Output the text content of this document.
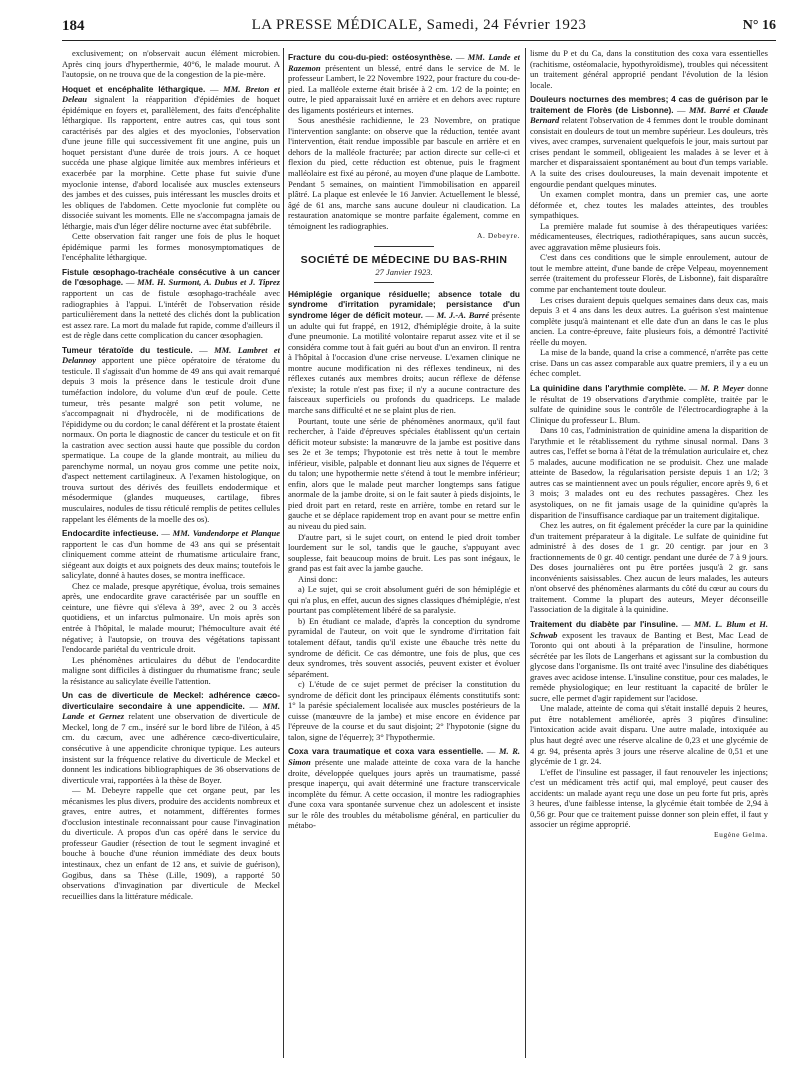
184	LA PRESSE MÉDICALE, Samedi, 24 Février 1923	N° 16

exclusivement; on n'observait aucun élément microbien. Après cinq jours d'hyperthermie, 40°6, le malade mourut. A l'autopsie, on ne trouva que de la congestion de la pie-mère.

Hoquet et encéphalite léthargique. — MM. Breton et Deleau signalent la réapparition d'épidémies de hoquet épidémique en foyers et, parallèlement, des faits d'encéphalite léthargique. Ils rapportent, entre autres cas, qui tous sont caractérisés par des algies et des myoclonies, l'observation d'une jeune fille qui successivement fit une angine, puis un hoquet persistant d'une durée de trois jours. A ce hoquet succéda une phase algique limitée aux membres inférieurs et exacerbée par la morphine. Cette phase fut suivie d'une myoclonie intense, d'abord localisée aux muscles extenseurs des jambes et des cuisses, puis intéressant les muscles droits et les obliques de l'abdomen. Cette myoclonie fut complète ou dissociée suivant les moments. Elle ne s'accompagna jamais de léthargie, mais d'un léger délire nocturne avec état subfébrile.

Cette observation fait ranger une fois de plus le hoquet épidémique parmi les formes monosymptomatiques de l'encéphalite léthargique.

Fistule œsophago-trachéale consécutive à un cancer de l'œsophage. — MM. H. Surmont, A. Dubus et J. Tiprez rapportent un cas de fistule œsophago-trachéale avec radiographies à l'appui. L'intérêt de l'observation réside particulièrement dans la netteté des clichés dont la publication est assez rare. La mort du malade fut rapide, comme d'ailleurs il est de règle dans cette complication du cancer œsophagien.

Tumeur tératoïde du testicule. — MM. Lambret et Delannoy apportent une pièce opératoire de tératome du testicule. Il s'agissait d'un homme de 49 ans qui avait remarqué depuis 3 mois la présence dans le testicule droit d'une tuméfaction indolore, du volume d'un œuf de poule. Cette tumeur, très pesante malgré son petit volume, ne s'accompagnait ni d'hydrocèle, ni de modifications de l'épididyme ou du cordon; le canal déférent et la prostate étaient normaux. On porta le diagnostic de cancer du testicule et on fit la castration avec section aussi haute que possible du cordon spermatique. La coupe de la glande montrait, au milieu du parenchyme normal, un noyau gros comme une petite noix, d'aspect nettement cartilagineux. A l'examen histologique, on trouva surtout des dérivés des feuillets endodermique et mésodermique (glandes muqueuses, cartilage, fibres musculaires, nodules de tissu réticulé remplis de petites cellules rappelant les éléments de la moelle des os).

Endocardite infectieuse. — MM. Vandendorpe et Planque rapportent le cas d'un homme de 43 ans qui se présentait cliniquement comme atteint de rhumatisme articulaire franc, siégeant aux doigts et aux poignets des deux mains; toutefois le salicylate, donné à hautes doses, se montra inefficace.

Chez ce malade, presque apyrétique, évolua, trois semaines après, une endocardite grave caractérisée par un souffle en ceinture, une fièvre qui s'éleva à 39°, avec 2 ou 3 accès quotidiens, et un infarctus pulmonaire. Un mois après son entrée à l'hôpital, le malade mourut; l'hémoculture avait été négative; à l'autopsie, on trouva des végétations tapissant l'endocarde pariétal du ventricule droit.

Les phénomènes articulaires du début de l'endocardite maligne sont difficiles à distinguer du rhumatisme franc; seule la résistance au salicylate éveille l'attention.

Un cas de diverticule de Meckel: adhérence cæco-diverticulaire secondaire à une appendicite. — MM. Lande et Gernez relatent une observation de diverticule de Meckel, long de 7 cm., inséré sur le bord libre de l'iléon, à 45 cm. du cæcum, avec une adhérence cæco-diverticulaire, consécutive à une appendicite chronique typique. Les auteurs insistent sur la fréquence relative du diverticule de Meckel et donnent les indications bibliographiques de 36 observations de diverticule vrai, rapportées à la thèse de Boyer.

— M. Debeyre rappelle que cet organe peut, par les mécanismes les plus divers, produire des accidents nombreux et graves, entre autres, et notamment, différentes formes d'occlusion intestinale reconnaissant pour cause l'invagination du diverticule. A propos d'un cas opéré dans le service du professeur Gaudier (résection de tout le segment invaginé et bouche à bouche d'une réunion immédiate des deux bouts intestinaux, chez un enfant de 12 ans, et suivie de guérison), Gogibus, dans sa Thèse (Lille, 1909), a rapporté 50 observations d'invagination par diverticule de Meckel recueillies dans la littérature médicale.

Fracture du cou-du-pied: ostéosynthèse. — MM. Lande et Razemon présentent un blessé, entré dans le service de M. le professeur Lambert, le 22 Novembre 1922, pour fracture du cou-de-pied. La malléole externe était brisée à 2 cm. 1/2 de la pointe; en outre, le pied apparaissait luxé en arrière et en dehors avec rupture des ligaments postérieurs et internes.

Sous anesthésie rachidienne, le 23 Novembre, on pratique l'intervention sanglante: on observe que la réduction, tentée avant l'intervention, était rendue impossible par bascule en arrière et en dehors de la malléole fracturée; par action directe sur celle-ci et flexion du pied, cette réduction est obtenue, puis le fragment malléolaire est fixé au péroné, au moyen d'une plaque de Lambotte. Pendant 5 semaines, on maintient l'immobilisation en appareil plâtré. La plaque est enlevée le 16 Janvier. Actuellement le blessé, âgé de 61 ans, marche sans aucune douleur ni claudication. La restauration anatomique se montre parfaite également, comme en témoignent les radiographies.

A. Debeyre.

SOCIÉTÉ DE MÉDECINE DU BAS-RHIN
27 Janvier 1923.

Hémiplégie organique résiduelle; absence totale du syndrome d'irritation pyramidale; persistance d'un syndrome léger de déficit moteur. — M. J.-A. Barré présente un adulte qui fut frappé, en 1912, d'hémiplégie droite, à la suite d'une pneumonie. La motilité volontaire reparut assez vite et il se considéra comme tout à fait guéri au bout d'un an environ. Il rentra à l'hôpital à l'occasion d'une crise nerveuse. L'examen clinique ne montre aucune modification ni des réflexes tendineux, ni des réflexes cutanés aux membres droits; aucun réflexe de défense n'existe; la rotule n'est pas fixe; il n'y a aucune contracture des faisceaux superficiels ou profonds du quadriceps. Le malade marche sans difficulté et ne se plaint plus de rien.

Pourtant, toute une série de phénomènes anormaux, qu'il faut rechercher, à l'aide d'épreuves spéciales établissent qu'un certain déficit moteur subsiste: la manœuvre de la jambe est positive dans ses 2e et 3e temps; l'hypotonie est très nette à tout le membre inférieur, visible, palpable et donnant lieu aux signes de l'équerre et du talon; une hypothermie nette s'étend à tout le membre inférieur; enfin, alors que le malade peut marcher longtemps sans fatigue anormale de la jambe droite, si on le fait sauter à pieds disjoints, le pied droit part en retard, reste en arrière, tombe en retard sur le gauche et se déplace rapidement trop en avant pour se mettre enfin au niveau du pied sain.

D'autre part, si le sujet court, on entend le pied droit tomber lourdement sur le sol, tandis que le gauche, s'appuyant avec souplesse, fait beaucoup moins de bruit. Les pas sont inégaux, le grand pas est fait avec la jambe gauche.

Ainsi donc:

a) Le sujet, qui se croit absolument guéri de son hémiplégie et qui n'a plus, en effet, aucun des signes classiques d'hémiplégie, n'est pourtant pas complètement libéré de sa paralysie.

b) En étudiant ce malade, d'après la conception du syndrome pyramidal de l'auteur, on voit que le syndrome d'irritation fait totalement défaut, tandis qu'il existe une ébauche très nette du syndrome de déficit. Ce cas démontre, une fois de plus, que ces deux syndromes, très souvent associés, peuvent exister et évoluer séparément.

c) L'étude de ce sujet permet de préciser la constitution du syndrome de déficit dont les principaux éléments constitutifs sont: 1° la parésie spécialement localisée aux muscles postérieurs de la cuisse (manœuvre de la jambe) et mise encore en évidence par l'épreuve de la course et du saut disjoint; 2° l'hypotonie (signe du talon, signe de l'équerre); 3° l'hypothermie.

Coxa vara traumatique et coxa vara essentielle. — M. R. Simon présente une malade atteinte de coxa vara de la hanche droite, développée quelques jours après un traumatisme, passé presque inaperçu, qui avait déterminé une fracture transcervicale incomplète du fémur. A cette occasion, il montre les radiographies d'une coxa vara spontanée survenue chez un adolescent et insiste sur le rôle des troubles du métabolisme général, en particulier du métabo-

lisme du P et du Ca, dans la constitution des coxa vara essentielles (rachitisme, ostéomalacie, hypothyroïdisme), troubles qui nécessitent un traitement général approprié pendant l'évolution de la lésion locale.

Douleurs nocturnes des membres; 4 cas de guérison par le traitement de Florès (de Lisbonne). — MM. Barré et Claude Bernard relatent l'observation de 4 femmes dont le trouble dominant consistait en douleurs de tout un membre supérieur. Les douleurs, très vives, avec crampes, survenaient quelquefois le jour, mais surtout par crises pendant le sommeil, obligeaient les malades à se lever et à marcher et disparaissaient spontanément au bout d'un temps variable. A la suite des crises douloureuses, la main devenait impotente et engourdie pendant quelques minutes.

Un examen complet montra, dans un premier cas, une aorte déformée et, chez toutes les malades atteintes, des troubles sympathiques.

La première malade fut soumise à des thérapeutiques variées: médicamenteuses, électriques, radiothérapiques, sans aucun succès, avec aggravation même plusieurs fois.

C'est dans ces conditions que le simple enroulement, autour de tout le membre atteint, d'une bande de crêpe Velpeau, moyennement serrée (traitement du professeur Florès, de Lisbonne), fait disparaître comme par enchantement toute douleur.

Les crises duraient depuis quelques semaines dans deux cas, mais depuis 3 et 4 ans dans les deux autres. La guérison s'est maintenue complète jusqu'à maintenant et elle date d'un an dans le cas le plus ancien. La contre-épreuve, faite plusieurs fois, a démontré l'activité réelle du moyen.

La mise de la bande, quand la crise a commencé, n'arrête pas cette crise. Dans un cas assez comparable aux quatre premiers, il y a eu un échec complet.

La quinidine dans l'arythmie complète. — M. P. Meyer donne le résultat de 19 observations d'arythmie complète, traitée par le sulfate de quinidine sous le contrôle de l'électrocardiographe à la Clinique du professeur L. Blum.

Dans 10 cas, l'administration de quinidine amena la disparition de l'arythmie et le rétablissement du rythme sinusal normal. Dans 3 autres cas, l'effet se borna à l'état de la trémulation auriculaire et, chez 5 malades, aucune modification ne se produisit. Chez une malade atteinte de Basedow, la régularisation persiste depuis 1 an 1/2; 3 autres cas se maintiennent avec un pouls régulier, encore après 9, 6 et 3 mois; 3 malades ont eu des rechutes passagères. Chez les asystoliques, on ne fit jamais usage de la quinidine qu'après la disparition de l'insuffisance cardiaque par un traitement digitalique.

Chez les autres, on fit également précéder la cure par la quinidine d'un traitement préparateur à la digitale. Le sulfate de quinidine fut administré à des doses de 1 gr. 20 centigr. par jour en 3 fractionnements de 0 gr. 40 centigr. pendant une durée de 7 à 9 jours. Des doses journalières ont pu être portées jusqu'à 2 gr. sans inconvénients saisissables. Chez aucun de leurs malades, les auteurs n'ont observé des phénomènes alarmants du côté du cœur au cours du traitement. Comme la plupart des auteurs, Meyer déconseille l'association de la digitale à la quinidine.

Traitement du diabète par l'insuline. — MM. L. Blum et H. Schwab exposent les travaux de Banting et Best, Mac Lead de Toronto qui ont abouti à la préparation de l'insuline, hormone sécrétée par les îlots de Langerhans et agissant sur la combustion du glycose dans l'organisme. Ils ont traité avec l'insuline des diabétiques graves avec acidose intense. L'insuline constitue, pour ces malades, le remède physiologique; en leur restituant la capacité de brûler le sucre, elle permet d'agir rapidement sur l'acidose.

Une malade, atteinte de coma qui s'était installé depuis 2 heures, put être notablement améliorée, après 3 piqûres d'insuline: l'intoxication acide avait disparu. Une autre malade, intoxiquée au plus haut degré avec une réserve alcaline de 0,23 et une glycémie de 4 gr. 94, présenta après 3 jours une réserve alcaline de 0,51 et une glycémie de 1 gr. 24.

L'effet de l'insuline est passager, il faut renouveler les injections; c'est un médicament très actif qui, mal employé, peut causer des accidents: un malade ayant reçu une dose un peu forte fut pris, après 3 heures, d'une faiblesse intense, la glycémie était tombée de 2,94 à 0,56 gr. Pour que ce traitement puisse donner son plein effet, il faut y associer un régime approprié.

Eugène Gelma.
